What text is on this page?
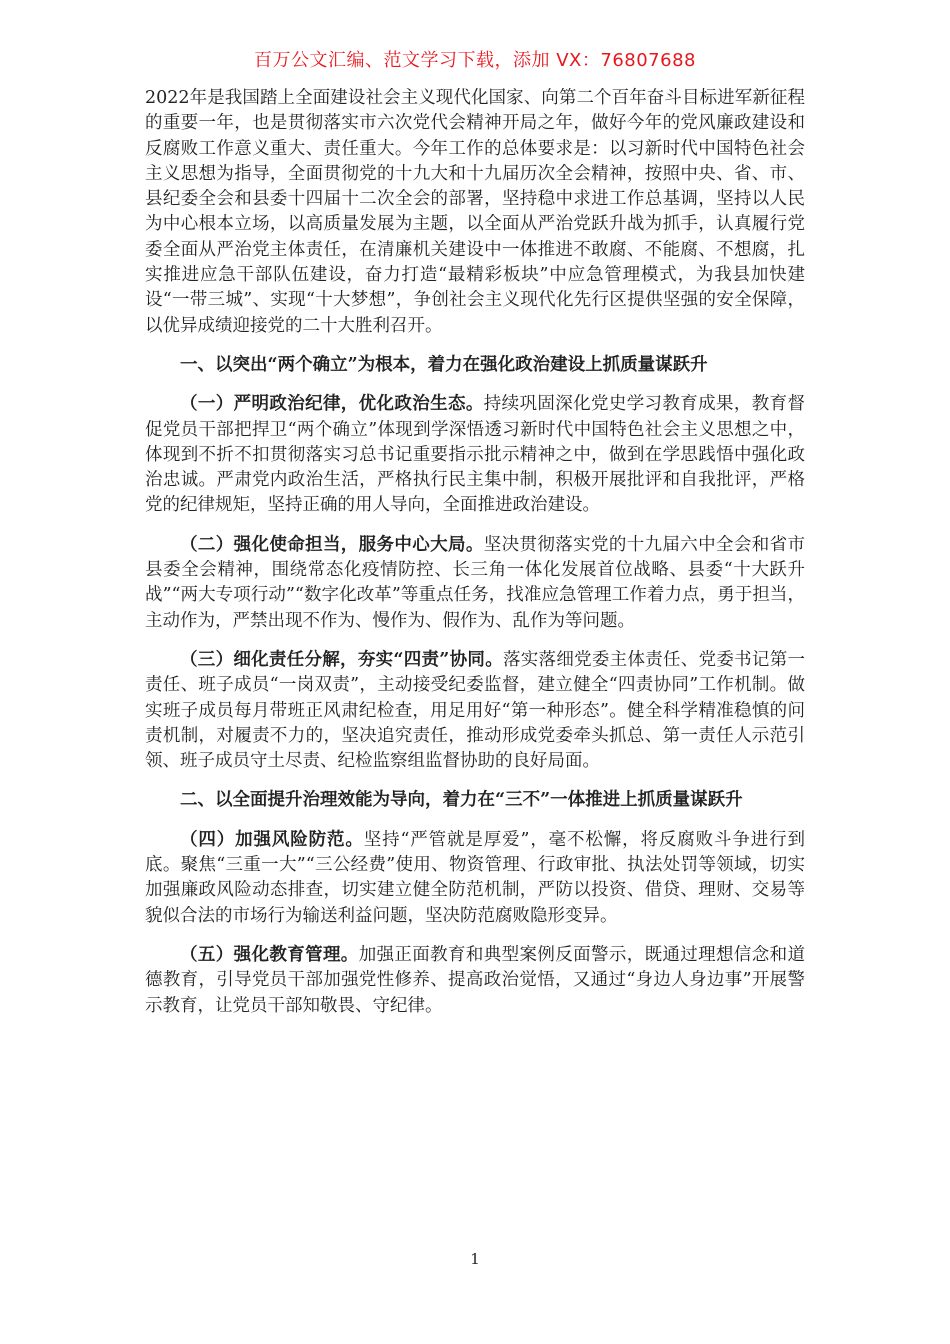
百万公文汇编、范文学习下载，添加 VX：76807688

2022年是我国踏上全面建设社会主义现代化国家、向第二个百年奋斗目标进军新征程的重要一年，也是贯彻落实市六次党代会精神开局之年，做好今年的党风廉政建设和反腐败工作意义重大、责任重大。今年工作的总体要求是：以习新时代中国特色社会主义思想为指导，全面贯彻党的十九大和十九届历次全会精神，按照中央、省、市、县纪委全会和县委十四届十二次全会的部署，坚持稳中求进工作总基调，坚持以人民为中心根本立场，以高质量发展为主题，以全面从严治党跃升战为抓手，认真履行党委全面从严治党主体责任，在清廉机关建设中一体推进不敢腐、不能腐、不想腐，扎实推进应急干部队伍建设，奋力打造“最精彩板块”中应急管理模式，为我县加快建设“一带三城”、实现“十大梦想”，争创社会主义现代化先行区提供坚强的安全保障，以优异成绩迎接党的二十大胜利召开。

一、以突出“两个确立”为根本，着力在强化政治建设上抓质量谋跃升

（一）严明政治纪律，优化政治生态。持续巩固深化党史学习教育成果，教育督促党员干部把捍卫“两个确立”体现到学深悟透习新时代中国特色社会主义思想之中，体现到不折不扣贯彻落实习总书记重要指示批示精神之中，做到在学思践悟中强化政治忠诚。严肃党内政治生活，严格执行民主集中制，积极开展批评和自我批评，严格党的纪律规矩，坚持正确的用人导向，全面推进政治建设。

（二）强化使命担当，服务中心大局。坚决贯彻落实党的十九届六中全会和省市县委全会精神，围绕常态化疫情防控、长三角一体化发展首位战略、县委“十大跃升战”“两大专项行动”“数字化改革”等重点任务，找准应急管理工作着力点，勇于担当，主动作为，严禁出现不作为、慢作为、假作为、乱作为等问题。

（三）细化责任分解，夯实“四责”协同。落实落细党委主体责任、党委书记第一责任、班子成员“一岗双责”，主动接受纪委监督，建立健全“四责协同”工作机制。做实班子成员每月带班正风肃纪检查，用足用好“第一种形态”。健全科学精准稳慎的问责机制，对履责不力的，坚决追究责任，推动形成党委牵头抓总、第一责任人示范引领、班子成员守土尽责、纪检监察组监督协助的良好局面。

二、以全面提升治理效能为导向，着力在“三不”一体推进上抓质量谋跃升

（四）加强风险防范。坚持“严管就是厚爱”，毫不松懈，将反腐败斗争进行到底。聚焦“三重一大”“三公经费”使用、物资管理、行政审批、执法处罚等领域，切实加强廉政风险动态排查，切实建立健全防范机制，严防以投资、借贷、理财、交易等貌似合法的市场行为输送利益问题，坚决防范腐败隐形变异。

（五）强化教育管理。加强正面教育和典型案例反面警示，既通过理想信念和道德教育，引导党员干部加强党性修养、提高政治觉悟，又通过“身边人身边事”开展警示教育，让党员干部知敬畏、守纪律。

1
